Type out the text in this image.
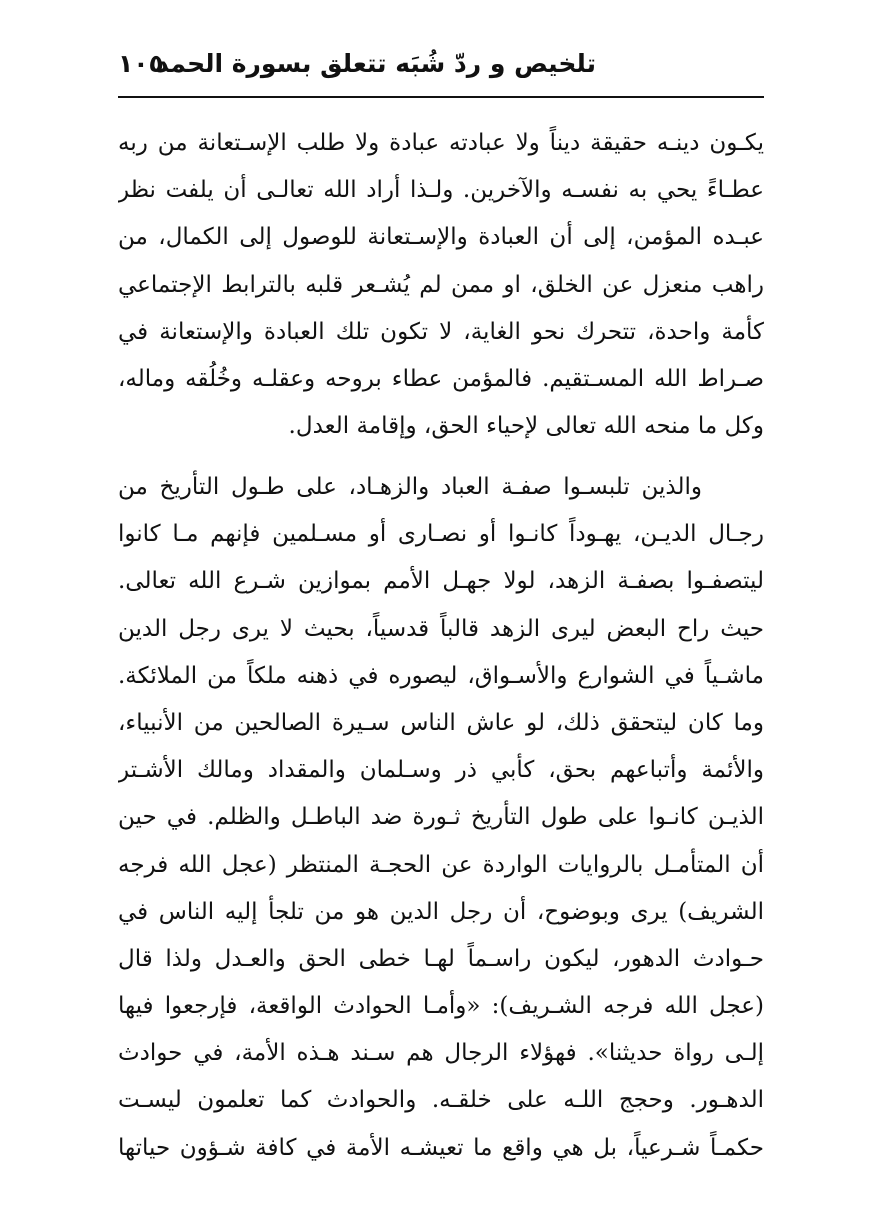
تلخيص و ردّ شُبَه تتعلق بسورة الحمد
١٠٥
يكـون دينـه حقيقة ديناً ولا عبادته عبادة ولا طلب الإسـتعانة من ربه
عطـاءً يحي به نفسـه والآخرين. ولـذا أراد الله تعالـى أن يلفت نظر
عبـده المؤمن، إلى أن العبادة والإسـتعانة للوصول إلى الكمال، من
راهب منعزل عن الخلق، او ممن لم يُشـعر قلبه بالترابط الإجتماعي
كأمة واحدة، تتحرك نحو الغاية، لا تكون تلك العبادة والإستعانة في
صـراط الله المسـتقيم. فالمؤمن عطاء بروحه وعقلـه وخُلُقه وماله،
وكل ما منحه الله تعالى لإحياء الحق، وإقامة العدل.
والذين تلبسـوا صفـة العباد والزهـاد، على طـول التأريخ من
رجـال الديـن، يهـوداً كانـوا أو نصـارى أو مسـلمين فإنهم مـا كانوا
ليتصفـوا بصفـة الزهد، لولا جهـل الأمم بموازين شـرع الله تعالى.
حيث راح البعض ليرى الزهد قالباً قدسياً، بحيث لا يرى رجل الدين
ماشـياً في الشوارع والأسـواق، ليصوره في ذهنه ملكاً من الملائكة.
وما كان ليتحقق ذلك، لو عاش الناس سـيرة الصالحين من الأنبياء،
والأئمة وأتباعهم بحق، كأبي ذر وسـلمان والمقداد ومالك الأشـتر
الذيـن كانـوا على طول التأريخ ثـورة ضد الباطـل والظلم. في حين
أن المتأمـل بالروايات الواردة عن الحجـة المنتظر (عجل الله فرجه
الشريف) يرى وبوضوح، أن رجل الدين هو من تلجأ إليه الناس في
حـوادث الدهور، ليكون راسـماً لهـا خطى الحق والعـدل ولذا قال
(عجل الله فرجه الشـريف): «وأمـا الحوادث الواقعة، فإرجعوا فيها
إلـى رواة حديثنا». فهؤلاء الرجال هم سـند هـذه الأمة، في حوادث
الدهـور. وحجج اللـه على خلقـه. والحوادث كما تعلمون ليسـت
حكمـاً شـرعياً، بل هي واقع ما تعيشـه الأمة في كافة شـؤون حياتها
